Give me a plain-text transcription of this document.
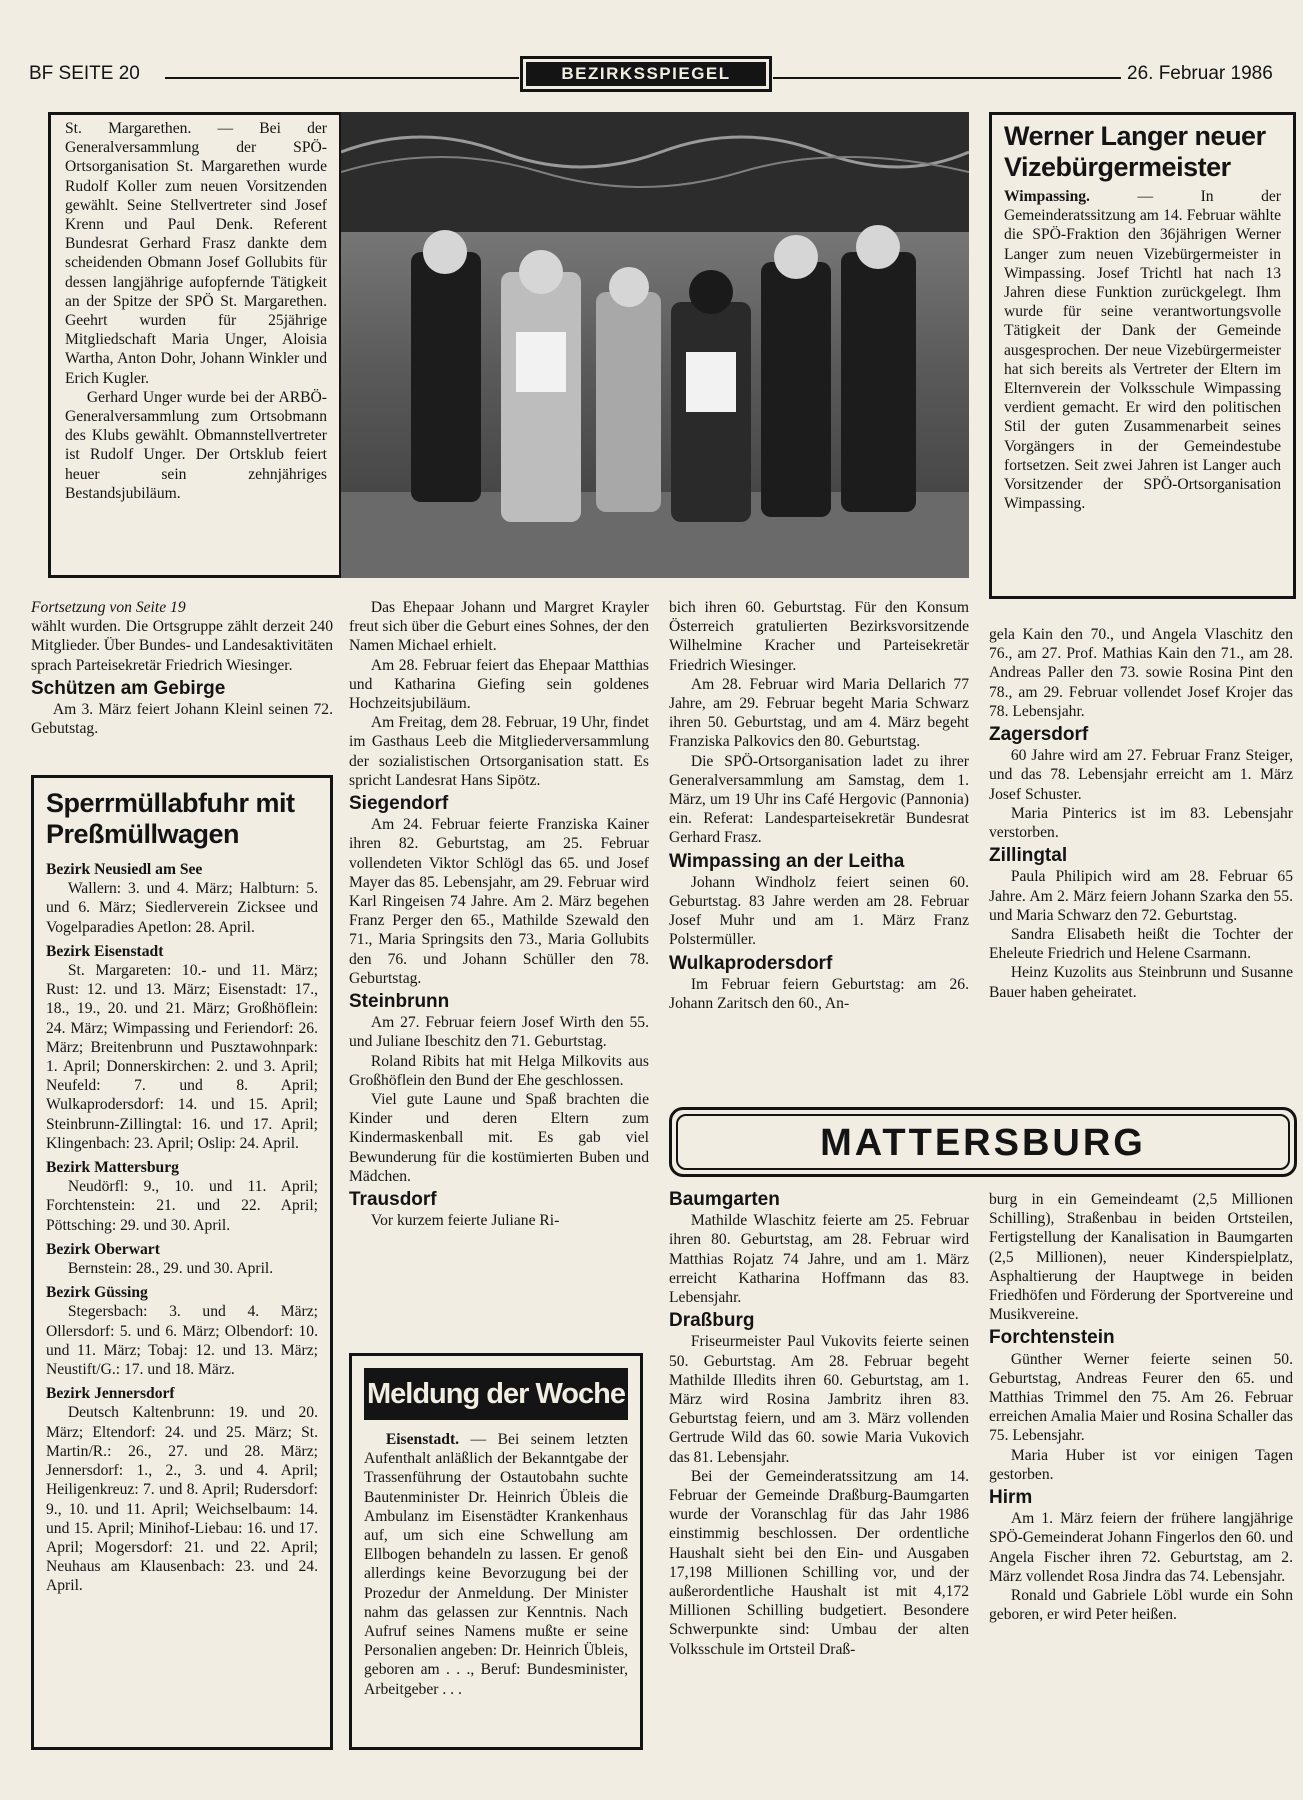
BF SEITE 20	BEZIRKSSPIEGEL	26. Februar 1986

St. Margarethen. — Bei der Generalversammlung der SPÖ-Ortsorganisation St. Margarethen wurde Rudolf Koller zum neuen Vorsitzenden gewählt. Seine Stellvertreter sind Josef Krenn und Paul Denk. Referent Bundesrat Gerhard Frasz dankte dem scheidenden Obmann Josef Gollubits für dessen langjährige aufopfernde Tätigkeit an der Spitze der SPÖ St. Margarethen. Geehrt wurden für 25jährige Mitgliedschaft Maria Unger, Aloisia Wartha, Anton Dohr, Johann Winkler und Erich Kugler.

Gerhard Unger wurde bei der ARBÖ-Generalversammlung zum Ortsobmann des Klubs gewählt. Obmannstellvertreter ist Rudolf Unger. Der Ortsklub feiert heuer sein zehnjähriges Bestandsjubiläum.

Werner Langer neuer Vizebürgermeister

Wimpassing. — In der Gemeinderatssitzung am 14. Februar wählte die SPÖ-Fraktion den 36jährigen Werner Langer zum neuen Vizebürgermeister in Wimpassing. Josef Trichtl hat nach 13 Jahren diese Funktion zurückgelegt. Ihm wurde für seine verantwortungsvolle Tätigkeit der Dank der Gemeinde ausgesprochen. Der neue Vizebürgermeister hat sich bereits als Vertreter der Eltern im Elternverein der Volksschule Wimpassing verdient gemacht. Er wird den politischen Stil der guten Zusammenarbeit seines Vorgängers in der Gemeindestube fortsetzen. Seit zwei Jahren ist Langer auch Vorsitzender der SPÖ-Ortsorganisation Wimpassing.

Fortsetzung von Seite 19

wählt wurden. Die Ortsgruppe zählt derzeit 240 Mitglieder. Über Bundes- und Landesaktivitäten sprach Parteisekretär Friedrich Wiesinger.

Schützen am Gebirge

Am 3. März feiert Johann Kleinl seinen 72. Gebutstag.

Sperrmüllabfuhr mit Preßmüllwagen
Bezirk Neusiedl am See

Wallern: 3. und 4. März; Halbturn: 5. und 6. März; Siedlerverein Zicksee und Vogelparadies Apetlon: 28. April.

Bezirk Eisenstadt

St. Margareten: 10.- und 11. März; Rust: 12. und 13. März; Eisenstadt: 17., 18., 19., 20. und 21. März; Großhöflein: 24. März; Wimpassing und Feriendorf: 26. März; Breitenbrunn und Pusztawohnpark: 1. April; Donnerskirchen: 2. und 3. April; Neufeld: 7. und 8. April; Wulkaprodersdorf: 14. und 15. April; Steinbrunn-Zillingtal: 16. und 17. April; Klingenbach: 23. April; Oslip: 24. April.

Bezirk Mattersburg

Neudörfl: 9., 10. und 11. April; Forchtenstein: 21. und 22. April; Pöttsching: 29. und 30. April.

Bezirk Oberwart

Bernstein: 28., 29. und 30. April.

Bezirk Güssing

Stegersbach: 3. und 4. März; Ollersdorf: 5. und 6. März; Olbendorf: 10. und 11. März; Tobaj: 12. und 13. März; Neustift/G.: 17. und 18. März.

Bezirk Jennersdorf

Deutsch Kaltenbrunn: 19. und 20. März; Eltendorf: 24. und 25. März; St. Martin/R.: 26., 27. und 28. März; Jennersdorf: 1., 2., 3. und 4. April; Heiligenkreuz: 7. und 8. April; Rudersdorf: 9., 10. und 11. April; Weichselbaum: 14. und 15. April; Minihof-Liebau: 16. und 17. April; Mogersdorf: 21. und 22. April; Neuhaus am Klausenbach: 23. und 24. April.

Das Ehepaar Johann und Margret Krayler freut sich über die Geburt eines Sohnes, der den Namen Michael erhielt.

Am 28. Februar feiert das Ehepaar Matthias und Katharina Giefing sein goldenes Hochzeitsjubiläum.

Am Freitag, dem 28. Februar, 19 Uhr, findet im Gasthaus Leeb die Mitgliederversammlung der sozialistischen Ortsorganisation statt. Es spricht Landesrat Hans Sipötz.

Siegendorf

Am 24. Februar feierte Franziska Kainer ihren 82. Geburtstag, am 25. Februar vollendeten Viktor Schlögl das 65. und Josef Mayer das 85. Lebensjahr, am 29. Februar wird Karl Ringeisen 74 Jahre. Am 2. März begehen Franz Perger den 65., Mathilde Szewald den 71., Maria Springsits den 73., Maria Gollubits den 76. und Johann Schüller den 78. Geburtstag.

Steinbrunn

Am 27. Februar feiern Josef Wirth den 55. und Juliane Ibeschitz den 71. Geburtstag.

Roland Ribits hat mit Helga Milkovits aus Großhöflein den Bund der Ehe geschlossen.

Viel gute Laune und Spaß brachten die Kinder und deren Eltern zum Kindermaskenball mit. Es gab viel Bewunderung für die kostümierten Buben und Mädchen.

Trausdorf

Vor kurzem feierte Juliane Ri-

Meldung der Woche

Eisenstadt. — Bei seinem letzten Aufenthalt anläßlich der Bekanntgabe der Trassenführung der Ostautobahn suchte Bautenminister Dr. Heinrich Übleis die Ambulanz im Eisenstädter Krankenhaus auf, um sich eine Schwellung am Ellbogen behandeln zu lassen. Er genoß allerdings keine Bevorzugung bei der Prozedur der Anmeldung. Der Minister nahm das gelassen zur Kenntnis. Nach Aufruf seines Namens mußte er seine Personalien angeben: Dr. Heinrich Übleis, geboren am . . ., Beruf: Bundesminister, Arbeitgeber . . .

bich ihren 60. Geburtstag. Für den Konsum Österreich gratulierten Bezirksvorsitzende Wilhelmine Kracher und Parteisekretär Friedrich Wiesinger.

Am 28. Februar wird Maria Dellarich 77 Jahre, am 29. Februar begeht Maria Schwarz ihren 50. Geburtstag, und am 4. März begeht Franziska Palkovics den 80. Geburtstag.

Die SPÖ-Ortsorganisation ladet zu ihrer Generalversammlung am Samstag, dem 1. März, um 19 Uhr ins Café Hergovic (Pannonia) ein. Referat: Landesparteisekretär Bundesrat Gerhard Frasz.

Wimpassing an der Leitha

Johann Windholz feiert seinen 60. Geburtstag. 83 Jahre werden am 28. Februar Josef Muhr und am 1. März Franz Polstermüller.

Wulkaprodersdorf

Im Februar feiern Geburtstag: am 26. Johann Zaritsch den 60., An-

gela Kain den 70., und Angela Vlaschitz den 76., am 27. Prof. Mathias Kain den 71., am 28. Andreas Paller den 73. sowie Rosina Pint den 78., am 29. Februar vollendet Josef Krojer das 78. Lebensjahr.

Zagersdorf

60 Jahre wird am 27. Februar Franz Steiger, und das 78. Lebensjahr erreicht am 1. März Josef Schuster.

Maria Pinterics ist im 83. Lebensjahr verstorben.

Zillingtal

Paula Philipich wird am 28. Februar 65 Jahre. Am 2. März feiern Johann Szarka den 55. und Maria Schwarz den 72. Geburtstag.

Sandra Elisabeth heißt die Tochter der Eheleute Friedrich und Helene Csarmann.

Heinz Kuzolits aus Steinbrunn und Susanne Bauer haben geheiratet.

MATTERSBURG
Baumgarten

Mathilde Wlaschitz feierte am 25. Februar ihren 80. Geburtstag, am 28. Februar wird Matthias Rojatz 74 Jahre, und am 1. März erreicht Katharina Hoffmann das 83. Lebensjahr.

Draßburg

Friseurmeister Paul Vukovits feierte seinen 50. Geburtstag. Am 28. Februar begeht Mathilde Illedits ihren 60. Geburtstag, am 1. März wird Rosina Jambritz ihren 83. Geburtstag feiern, und am 3. März vollenden Gertrude Wild das 60. sowie Maria Vukovich das 81. Lebensjahr.

Bei der Gemeinderatssitzung am 14. Februar der Gemeinde Draßburg-Baumgarten wurde der Voranschlag für das Jahr 1986 einstimmig beschlossen. Der ordentliche Haushalt sieht bei den Ein- und Ausgaben 17,198 Millionen Schilling vor, und der außerordentliche Haushalt ist mit 4,172 Millionen Schilling budgetiert. Besondere Schwerpunkte sind: Umbau der alten Volksschule im Ortsteil Draß-

burg in ein Gemeindeamt (2,5 Millionen Schilling), Straßenbau in beiden Ortsteilen, Fertigstellung der Kanalisation in Baumgarten (2,5 Millionen), neuer Kinderspielplatz, Asphaltierung der Hauptwege in beiden Friedhöfen und Förderung der Sportvereine und Musikvereine.

Forchtenstein

Günther Werner feierte seinen 50. Geburtstag, Andreas Feurer den 65. und Matthias Trimmel den 75. Am 26. Februar erreichen Amalia Maier und Rosina Schaller das 75. Lebensjahr.

Maria Huber ist vor einigen Tagen gestorben.

Hirm

Am 1. März feiern der frühere langjährige SPÖ-Gemeinderat Johann Fingerlos den 60. und Angela Fischer ihren 72. Geburtstag, am 2. März vollendet Rosa Jindra das 74. Lebensjahr.

Ronald und Gabriele Löbl wurde ein Sohn geboren, er wird Peter heißen.
